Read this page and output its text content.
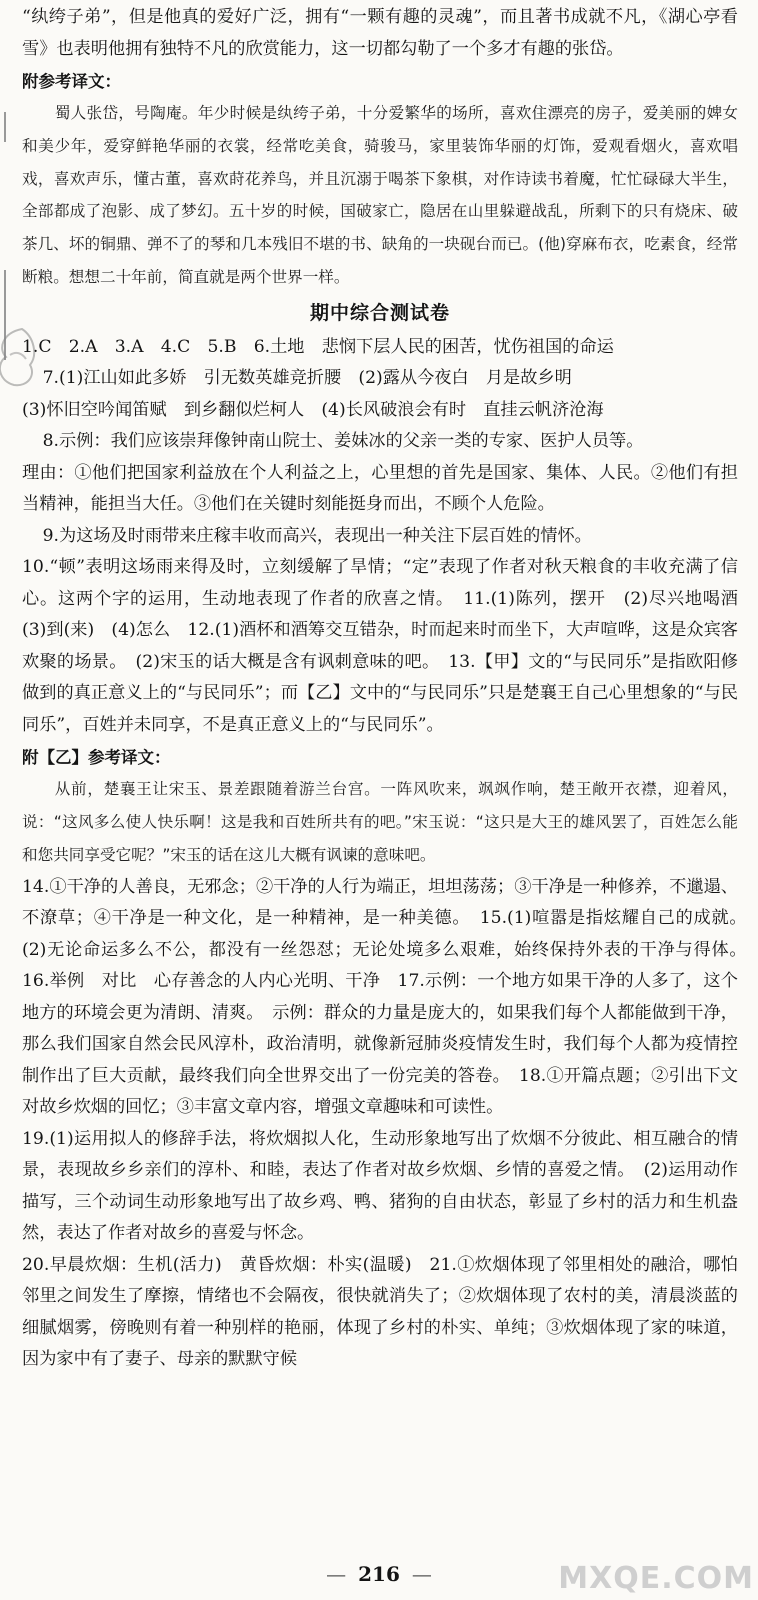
“纨绔子弟”，但是他真的爱好广泛，拥有“一颗有趣的灵魂”，而且著书成就不凡，《湖心亭看雪》也表明他拥有独特不凡的欣赏能力，这一切都勾勒了一个多才有趣的张岱。

附参考译文：

蜀人张岱，号陶庵。年少时候是纨绔子弟，十分爱繁华的场所，喜欢住漂亮的房子，爱美丽的婢女和美少年，爱穿鲜艳华丽的衣裳，经常吃美食，骑骏马，家里装饰华丽的灯饰，爱观看烟火，喜欢唱戏，喜欢声乐，懂古董，喜欢莳花养鸟，并且沉溺于喝茶下象棋，对作诗读书着魔，忙忙碌碌大半生，全部都成了泡影、成了梦幻。五十岁的时候，国破家亡，隐居在山里躲避战乱，所剩下的只有烧床、破茶几、坏的铜鼎、弹不了的琴和几本残旧不堪的书、缺角的一块砚台而已。(他)穿麻布衣，吃素食，经常断粮。想想二十年前，简直就是两个世界一样。

期中综合测试卷

1.C　2.A　3.A　4.C　5.B　6.土地　悲悯下层人民的困苦，忧伤祖国的命运

7.(1)江山如此多娇　引无数英雄竞折腰　(2)露从今夜白　月是故乡明

(3)怀旧空吟闻笛赋　到乡翻似烂柯人　(4)长风破浪会有时　直挂云帆济沧海

8.示例：我们应该崇拜像钟南山院士、姜妹冰的父亲一类的专家、医护人员等。

理由：①他们把国家利益放在个人利益之上，心里想的首先是国家、集体、人民。②他们有担当精神，能担当大任。③他们在关键时刻能挺身而出，不顾个人危险。

9.为这场及时雨带来庄稼丰收而高兴，表现出一种关注下层百姓的情怀。

10.“顿”表明这场雨来得及时，立刻缓解了旱情；“定”表现了作者对秋天粮食的丰收充满了信心。这两个字的运用，生动地表现了作者的欣喜之情。　11.(1)陈列，摆开　(2)尽兴地喝酒　(3)到(来)　(4)怎么　12.(1)酒杯和酒筹交互错杂，时而起来时而坐下，大声喧哗，这是众宾客欢聚的场景。　(2)宋玉的话大概是含有讽刺意味的吧。　13.【甲】文的“与民同乐”是指欧阳修做到的真正意义上的“与民同乐”；而【乙】文中的“与民同乐”只是楚襄王自己心里想象的“与民同乐”，百姓并未同享，不是真正意义上的“与民同乐”。

附【乙】参考译文：

从前，楚襄王让宋玉、景差跟随着游兰台宫。一阵风吹来，飒飒作响，楚王敞开衣襟，迎着风，说：“这风多么使人快乐啊！这是我和百姓所共有的吧。”宋玉说：“这只是大王的雄风罢了，百姓怎么能和您共同享受它呢？”宋玉的话在这儿大概有讽谏的意味吧。

14.①干净的人善良，无邪念；②干净的人行为端正，坦坦荡荡；③干净是一种修养，不邋遢、不潦草；④干净是一种文化，是一种精神，是一种美德。　15.(1)喧嚣是指炫耀自己的成就。　(2)无论命运多么不公，都没有一丝怨怼；无论处境多么艰难，始终保持外表的干净与得体。　16.举例　对比　心存善念的人内心光明、干净　17.示例：一个地方如果干净的人多了，这个地方的环境会更为清朗、清爽。　示例：群众的力量是庞大的，如果我们每个人都能做到干净，那么我们国家自然会民风淳朴，政治清明，就像新冠肺炎疫情发生时，我们每个人都为疫情控制作出了巨大贡献，最终我们向全世界交出了一份完美的答卷。　18.①开篇点题；②引出下文对故乡炊烟的回忆；③丰富文章内容，增强文章趣味和可读性。

19.(1)运用拟人的修辞手法，将炊烟拟人化，生动形象地写出了炊烟不分彼此、相互融合的情景，表现故乡乡亲们的淳朴、和睦，表达了作者对故乡炊烟、乡情的喜爱之情。　(2)运用动作描写，三个动词生动形象地写出了故乡鸡、鸭、猪狗的自由状态，彰显了乡村的活力和生机盎然，表达了作者对故乡的喜爱与怀念。

20.早晨炊烟：生机(活力)　黄昏炊烟：朴实(温暖)　21.①炊烟体现了邻里相处的融洽，哪怕邻里之间发生了摩擦，情绪也不会隔夜，很快就消失了；②炊烟体现了农村的美，清晨淡蓝的细腻烟雾，傍晚则有着一种别样的艳丽，体现了乡村的朴实、单纯；③炊烟体现了家的味道，因为家中有了妻子、母亲的默默守候

— 216 —	MXQE.COM
